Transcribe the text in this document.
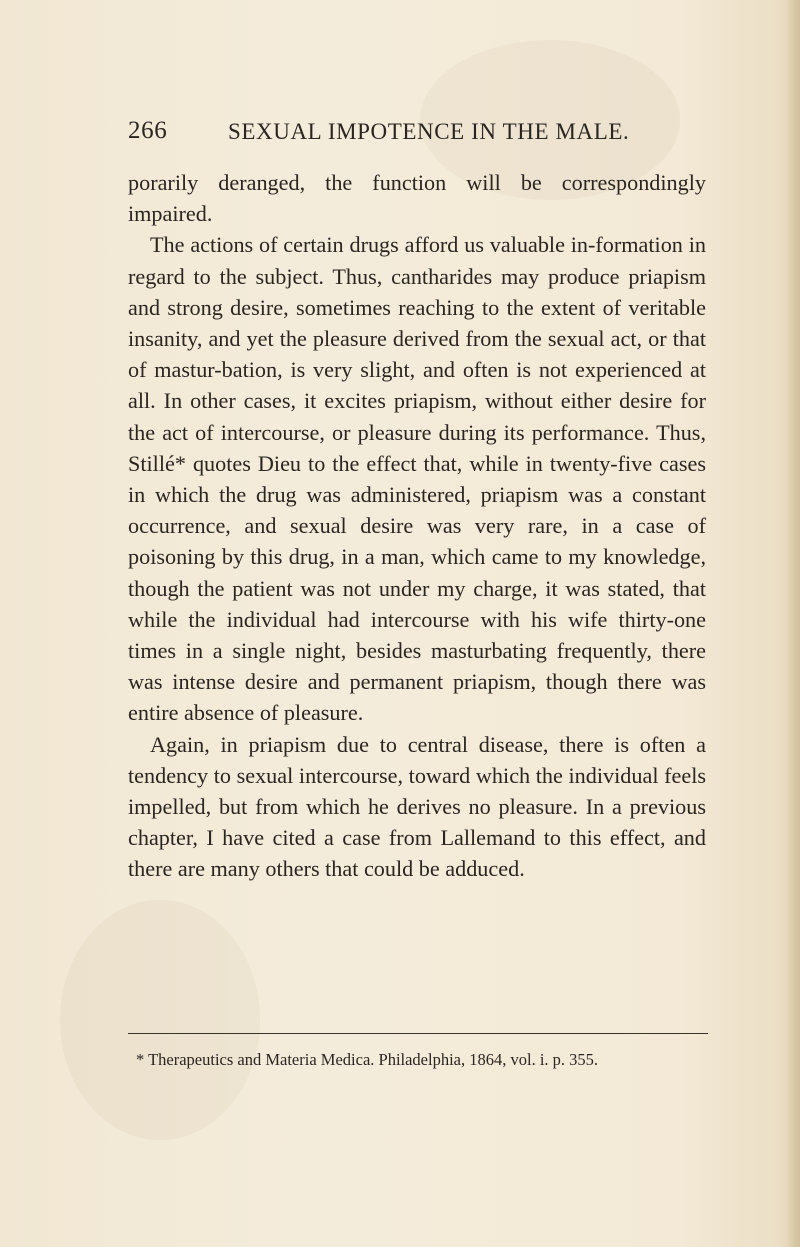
266	SEXUAL IMPOTENCE IN THE MALE.

porarily deranged, the function will be correspondingly impaired.

The actions of certain drugs afford us valuable in-formation in regard to the subject. Thus, cantharides may produce priapism and strong desire, sometimes reaching to the extent of veritable insanity, and yet the pleasure derived from the sexual act, or that of mastur-bation, is very slight, and often is not experienced at all. In other cases, it excites priapism, without either desire for the act of intercourse, or pleasure during its performance. Thus, Stillé* quotes Dieu to the effect that, while in twenty-five cases in which the drug was administered, priapism was a constant occurrence, and sexual desire was very rare, in a case of poisoning by this drug, in a man, which came to my knowledge, though the patient was not under my charge, it was stated, that while the individual had intercourse with his wife thirty-one times in a single night, besides masturbating frequently, there was intense desire and permanent priapism, though there was entire absence of pleasure.

Again, in priapism due to central disease, there is often a tendency to sexual intercourse, toward which the individual feels impelled, but from which he derives no pleasure. In a previous chapter, I have cited a case from Lallemand to this effect, and there are many others that could be adduced.

* Therapeutics and Materia Medica. Philadelphia, 1864, vol. i. p. 355.
